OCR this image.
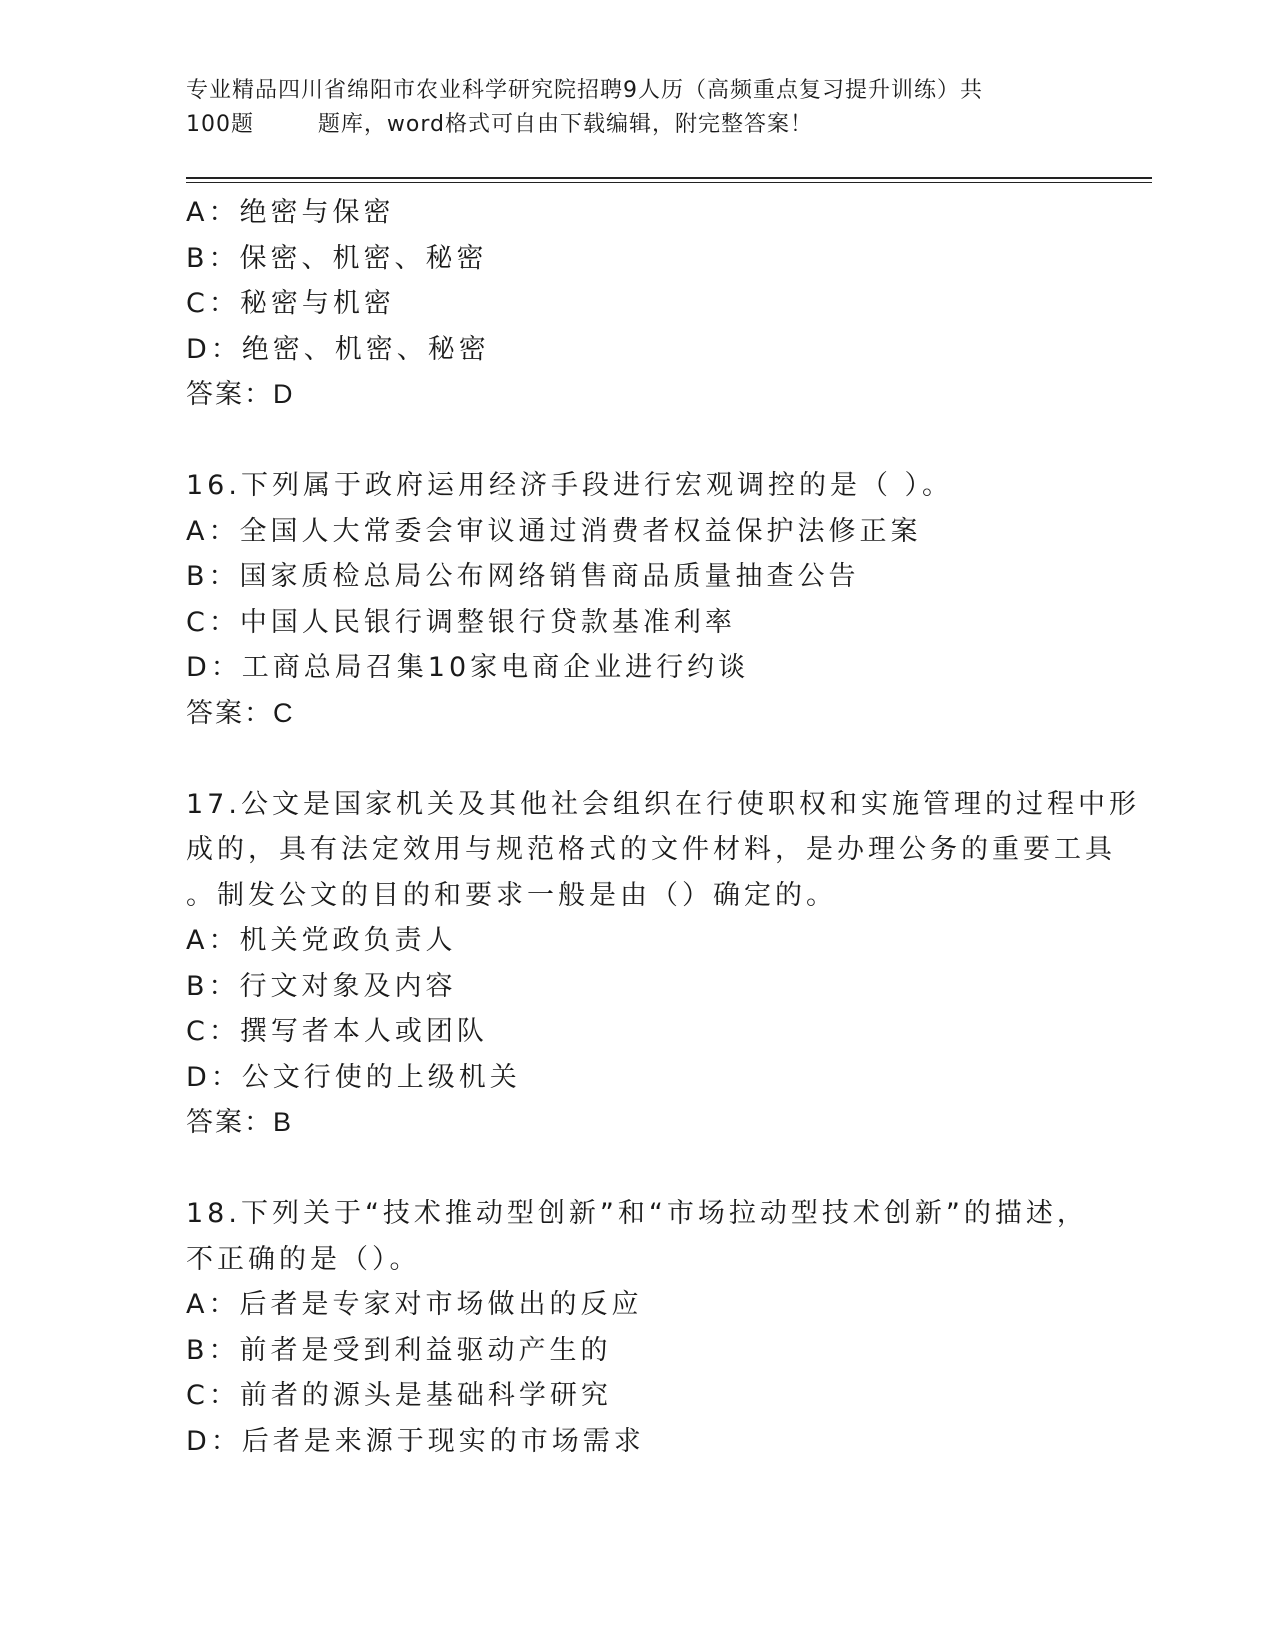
专业精品四川省绵阳市农业科学研究院招聘9人历（高频重点复习提升训练）共
100题        题库，word格式可自由下载编辑，附完整答案！
A：绝密与保密
B：保密、机密、秘密
C：秘密与机密
D：绝密、机密、秘密
答案：D
16.下列属于政府运用经济手段进行宏观调控的是（ ）。
A：全国人大常委会审议通过消费者权益保护法修正案
B：国家质检总局公布网络销售商品质量抽查公告
C：中国人民银行调整银行贷款基准利率
D：工商总局召集10家电商企业进行约谈
答案：C
17.公文是国家机关及其他社会组织在行使职权和实施管理的过程中形
成的，具有法定效用与规范格式的文件材料，是办理公务的重要工具
。制发公文的目的和要求一般是由（）确定的。
A：机关党政负责人
B：行文对象及内容
C：撰写者本人或团队
D：公文行使的上级机关
答案：B
18.下列关于“技术推动型创新”和“市场拉动型技术创新”的描述，
不正确的是（）。
A：后者是专家对市场做出的反应
B：前者是受到利益驱动产生的
C：前者的源头是基础科学研究
D：后者是来源于现实的市场需求
